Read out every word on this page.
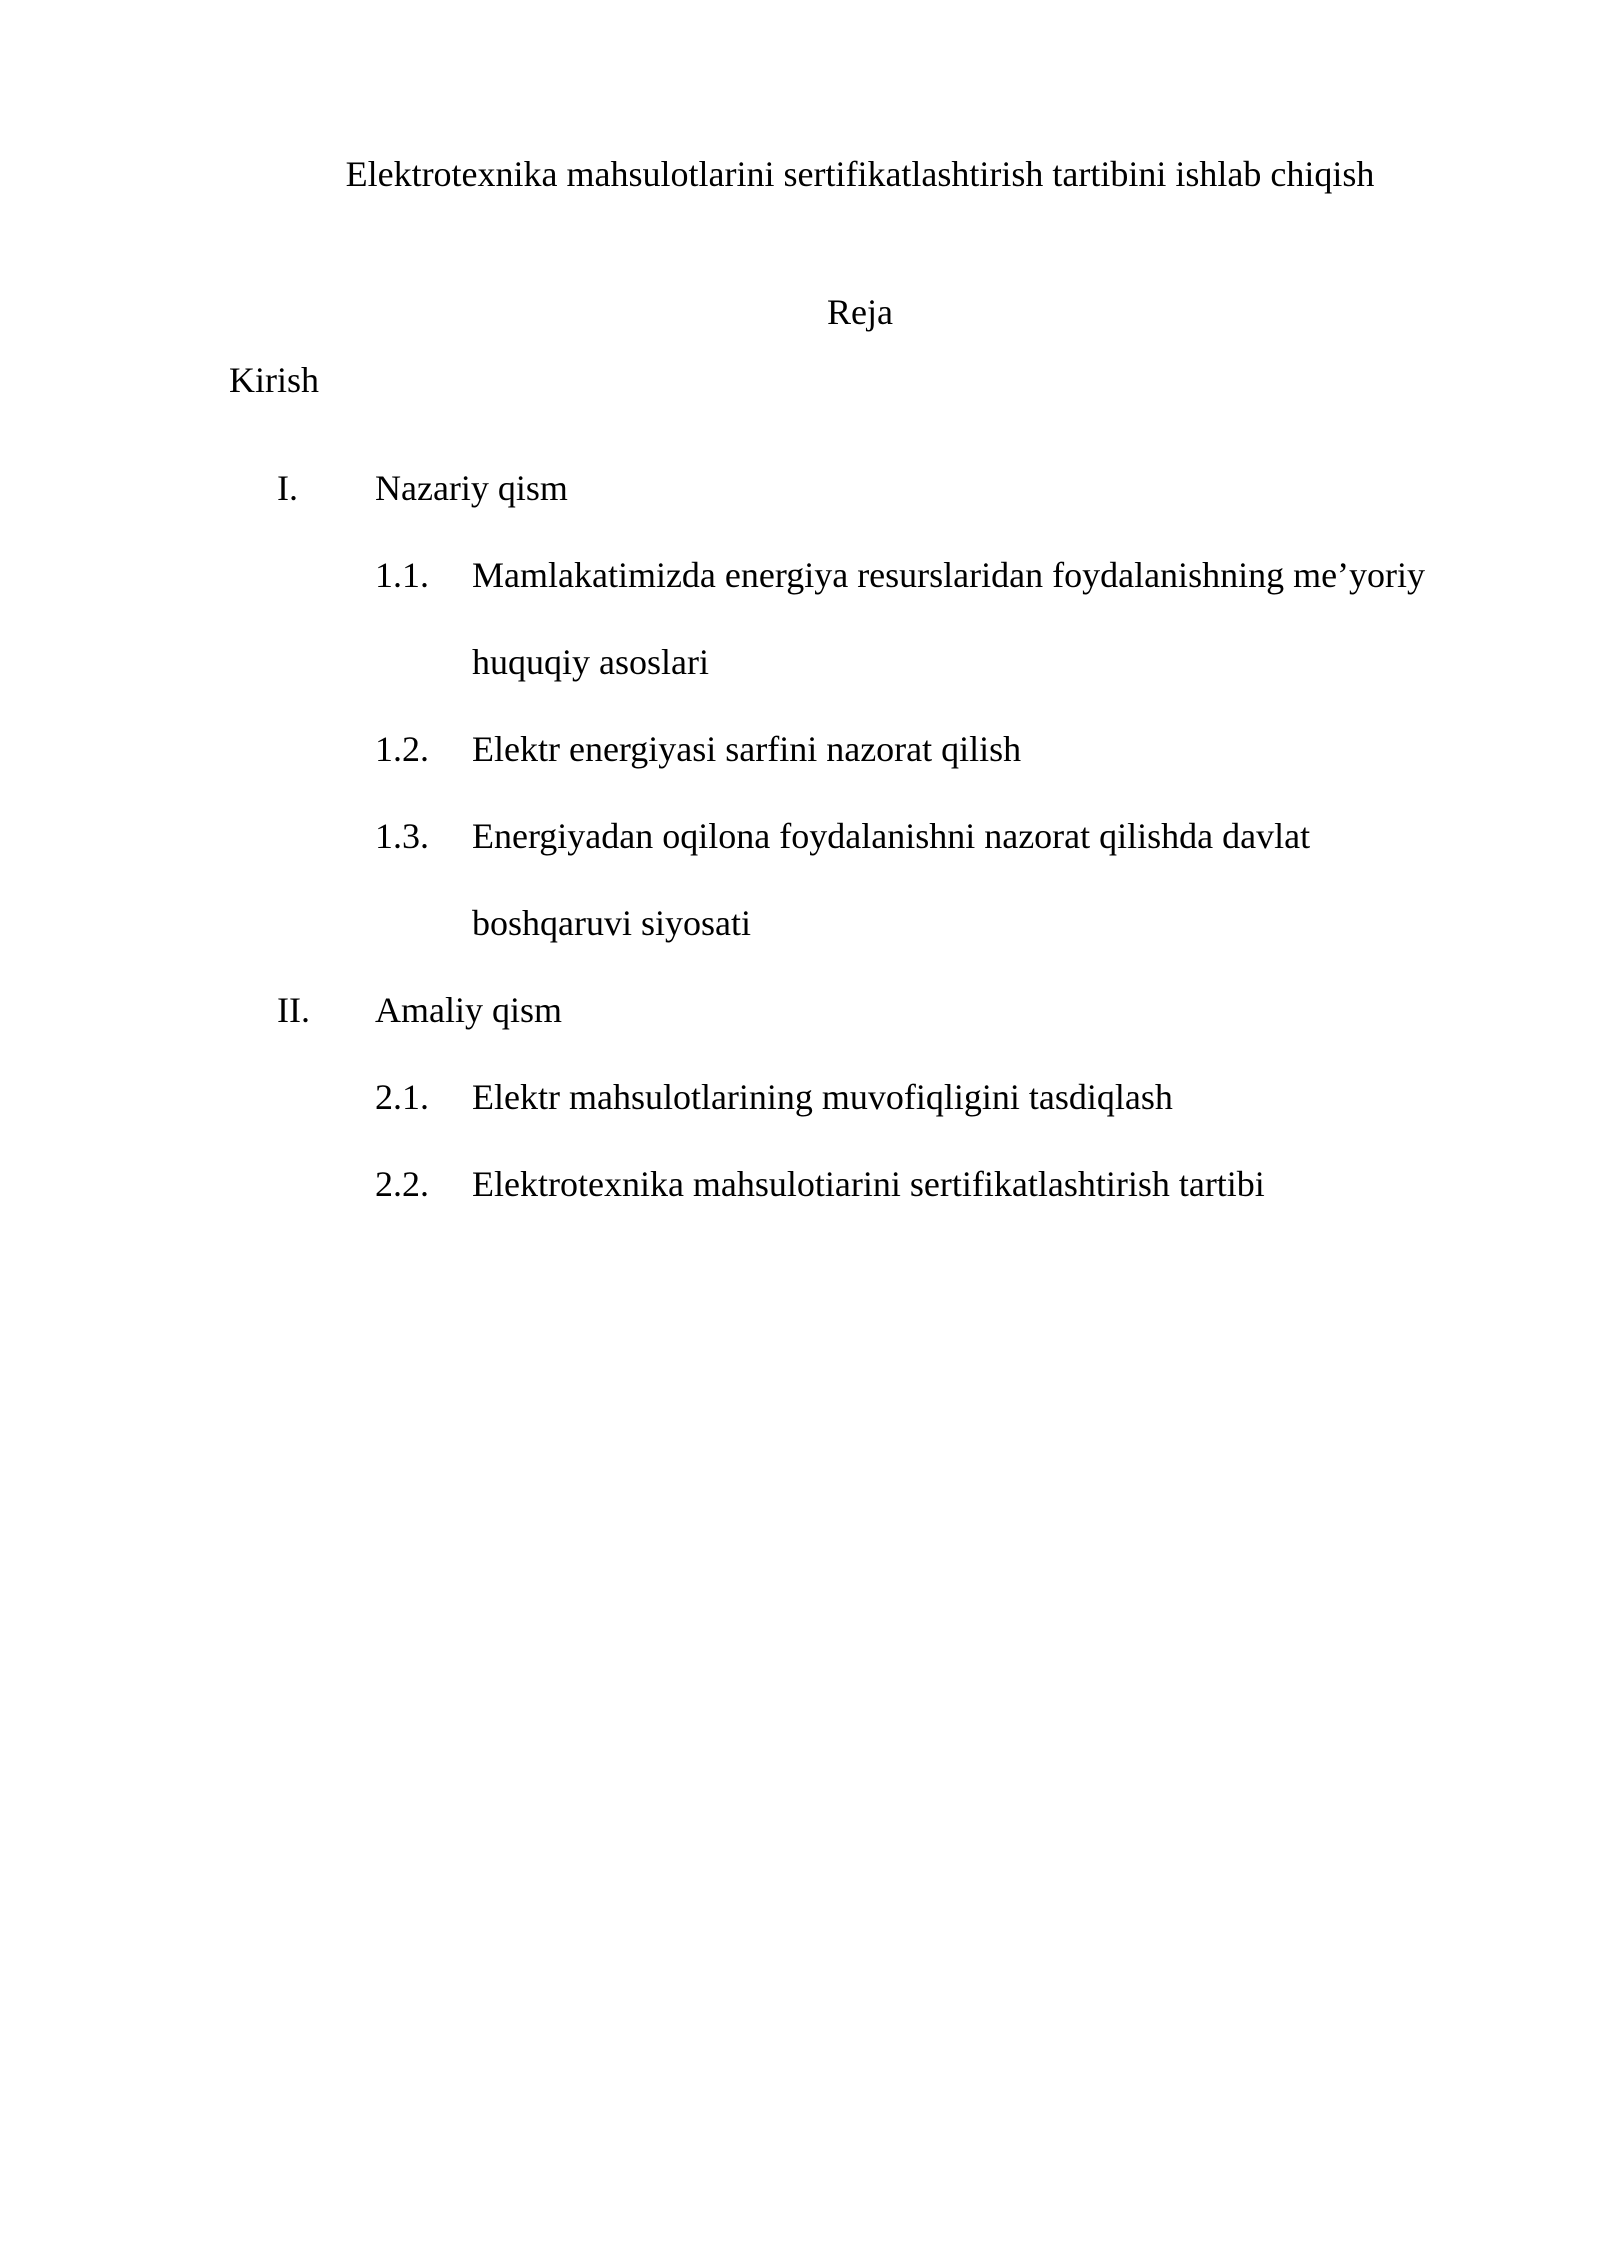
Elektrotexnika mahsulotlarini sertifikatlashtirish tartibini ishlab chiqish
Reja
Kirish
I. Nazariy qism
1.1. Mamlakatimizda energiya resurslaridan foydalanishning me’yoriy
huquqiy asoslari
1.2. Elektr energiyasi sarfini nazorat qilish
1.3. Energiyadan oqilona foydalanishni nazorat qilishda davlat
boshqaruvi siyosati
II. Amaliy qism
2.1. Elektr mahsulotlarining muvofiqligini tasdiqlash
2.2. Elektrotexnika mahsulotiarini sertifikatlashtirish tartibi
